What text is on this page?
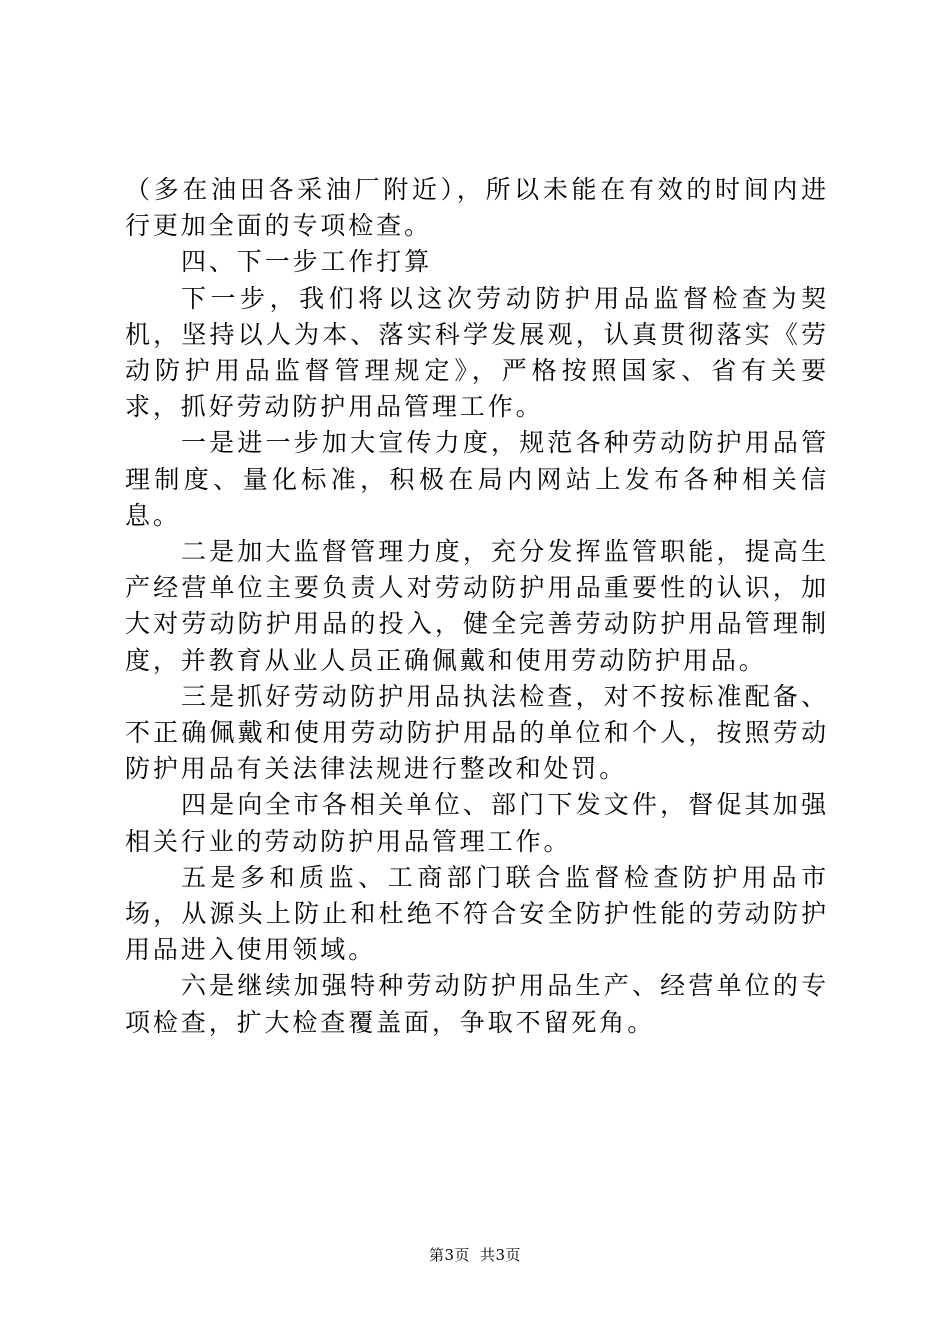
（多在油田各采油厂附近），所以未能在有效的时间内进行更加全面的专项检查。

四、下一步工作打算

下一步，我们将以这次劳动防护用品监督检查为契机，坚持以人为本、落实科学发展观，认真贯彻落实《劳动防护用品监督管理规定》，严格按照国家、省有关要求，抓好劳动防护用品管理工作。

一是进一步加大宣传力度，规范各种劳动防护用品管理制度、量化标准，积极在局内网站上发布各种相关信息。

二是加大监督管理力度，充分发挥监管职能，提高生产经营单位主要负责人对劳动防护用品重要性的认识，加大对劳动防护用品的投入，健全完善劳动防护用品管理制度，并教育从业人员正确佩戴和使用劳动防护用品。

三是抓好劳动防护用品执法检查，对不按标准配备、不正确佩戴和使用劳动防护用品的单位和个人，按照劳动防护用品有关法律法规进行整改和处罚。

四是向全市各相关单位、部门下发文件，督促其加强相关行业的劳动防护用品管理工作。

五是多和质监、工商部门联合监督检查防护用品市场，从源头上防止和杜绝不符合安全防护性能的劳动防护用品进入使用领域。

六是继续加强特种劳动防护用品生产、经营单位的专项检查，扩大检查覆盖面，争取不留死角。

第3页 共3页
